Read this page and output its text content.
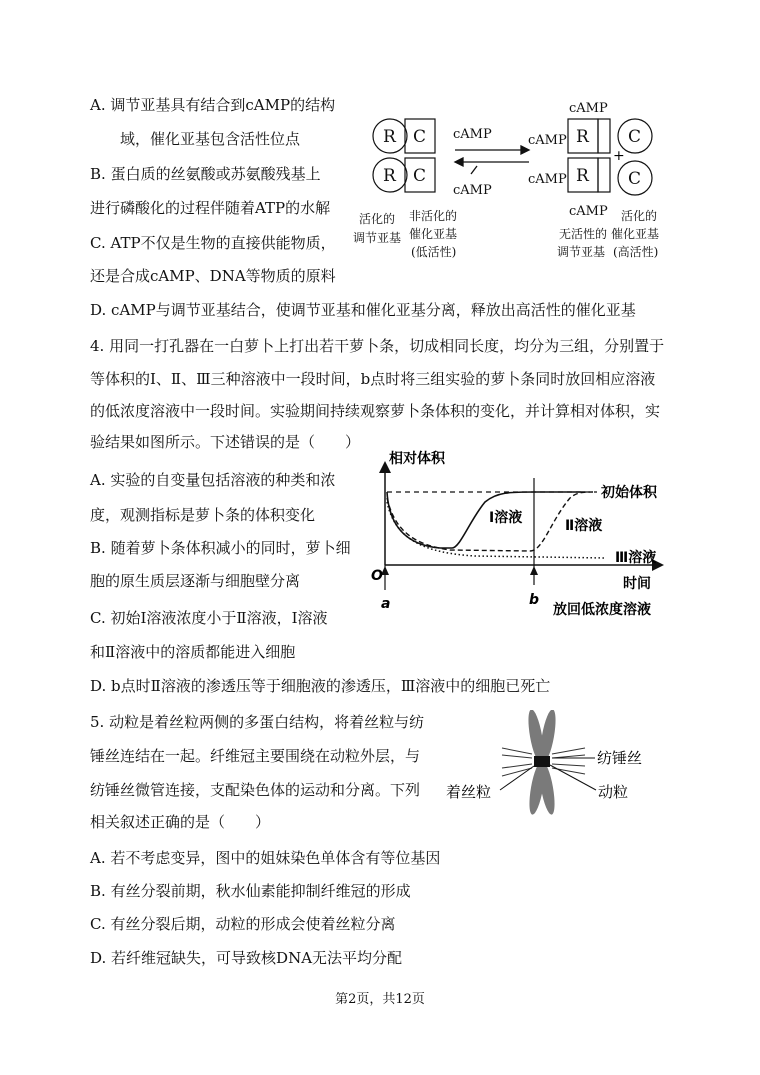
A. 调节亚基具有结合到cAMP的结构
域，催化亚基包含活性位点
B. 蛋白质的丝氨酸或苏氨酸残基上
进行磷酸化的过程伴随着ATP的水解
C. ATP不仅是生物的直接供能物质，
还是合成cAMP、DNA等物质的原料
D. cAMP与调节亚基结合，使调节亚基和催化亚基分离，释放出高活性的催化亚基
R
R
C
C
R
R
C
C
+
cAMP
cAMP
cAMP
cAMP
cAMP
cAMP
活化的
调节亚基
非活化的
催化亚基
(低活性)
无活性的
调节亚基
活化的
催化亚基
(高活性)
4. 用同一打孔器在一白萝卜上打出若干萝卜条，切成相同长度，均分为三组，分别置于
等体积的Ⅰ、Ⅱ、Ⅲ三种溶液中一段时间，b点时将三组实验的萝卜条同时放回相应溶液
的低浓度溶液中一段时间。实验期间持续观察萝卜条体积的变化，并计算相对体积，实
验结果如图所示。下述错误的是（　　）
A. 实验的自变量包括溶液的种类和浓
度，观测指标是萝卜条的体积变化
B. 随着萝卜条体积减小的同时，萝卜细
胞的原生质层逐渐与细胞壁分离
C. 初始Ⅰ溶液浓度小于Ⅱ溶液，Ⅰ溶液
和Ⅱ溶液中的溶质都能进入细胞
D. b点时Ⅱ溶液的渗透压等于细胞液的渗透压，Ⅲ溶液中的细胞已死亡
相对体积
时间
O
a	b
放回低浓度溶液
初始体积
Ⅰ溶液	Ⅱ溶液
Ⅲ溶液
5. 动粒是着丝粒两侧的多蛋白结构，将着丝粒与纺
锤丝连结在一起。纤维冠主要围绕在动粒外层，与
纺锤丝微管连接，支配染色体的运动和分离。下列
相关叙述正确的是（　　）
纺锤丝
动粒
着丝粒
A. 若不考虑变异，图中的姐妹染色单体含有等位基因
B. 有丝分裂前期，秋水仙素能抑制纤维冠的形成
C. 有丝分裂后期，动粒的形成会使着丝粒分离
D. 若纤维冠缺失，可导致核DNA无法平均分配
第2页，共12页
